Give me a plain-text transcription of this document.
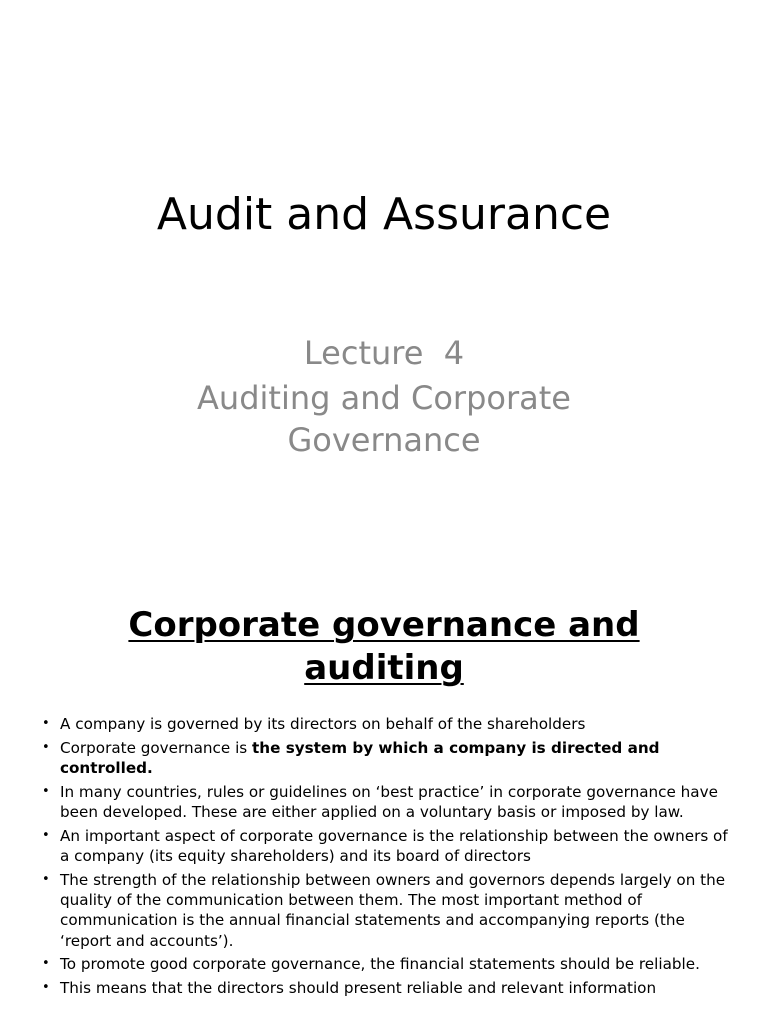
Audit and Assurance
Lecture  4
Auditing and Corporate Governance
Corporate governance and auditing
• A company is governed by its directors on behalf of the shareholders
• Corporate governance is the system by which a company is directed and controlled.
• In many countries, rules or guidelines on ‘best practice’ in corporate governance have been developed. These are either applied on a voluntary basis or imposed by law.
• An important aspect of corporate governance is the relationship between the owners of a company (its equity shareholders) and its board of directors
• The strength of the relationship between owners and governors depends largely on the quality of the communication between them. The most important method of communication is the annual financial statements and accompanying reports (the ‘report and accounts’).
• To promote good corporate governance, the financial statements should be reliable.
• This means that the directors should present reliable and relevant information
